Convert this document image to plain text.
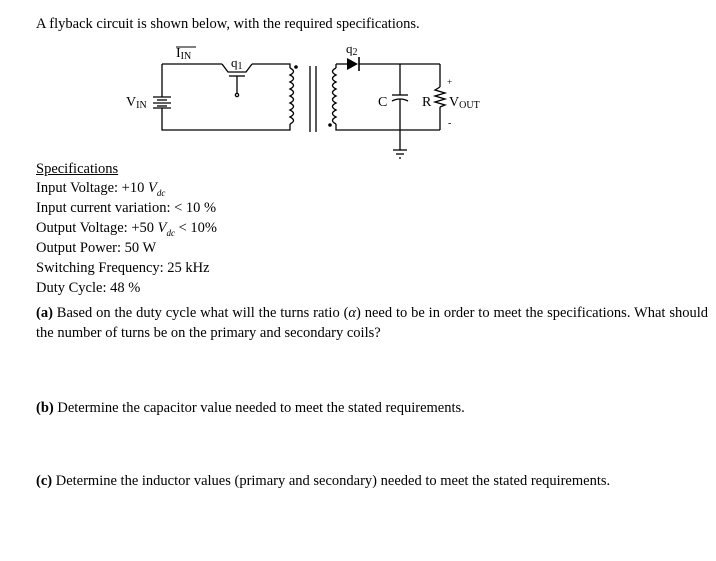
A flyback circuit is shown below, with the required specifications.
IIN	q1
q2
VIN	C R VOUT
+
-
Specifications
Input Voltage: +10 $V_{dc}$
Input current variation: < 10 %
Output Voltage: +50 $V_{dc} < 10\%$
Output Power: 50 W
Switching Frequency: 25 kHz
Duty Cycle: 48 %
(a) Based on the duty cycle what will the turns ratio (α) need to be in order to meet the specifications. What should the number of turns be on the primary and secondary coils?
(b) Determine the capacitor value needed to meet the stated requirements.
(c) Determine the inductor values (primary and secondary) needed to meet the stated requirements.
